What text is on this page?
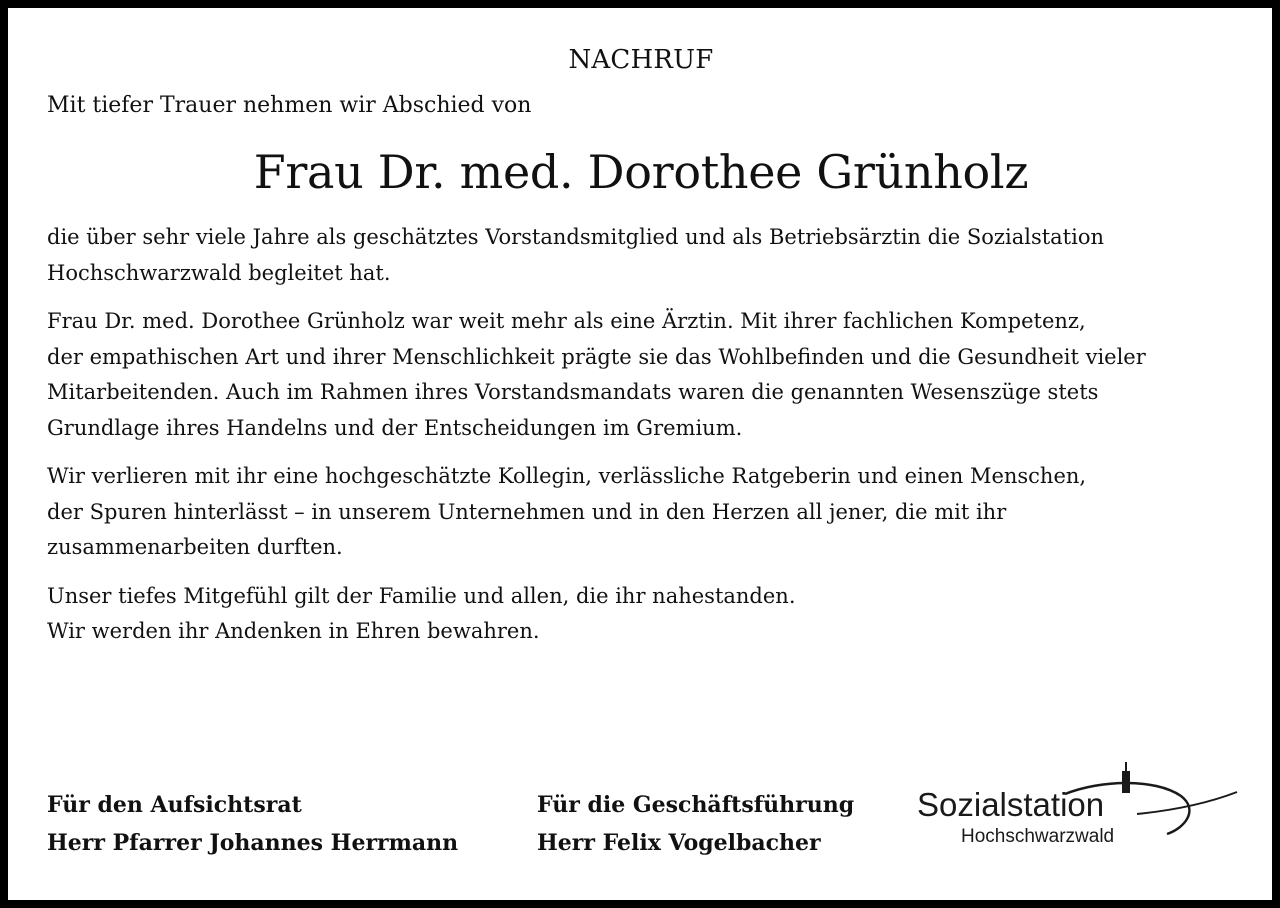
NACHRUF
Mit tiefer Trauer nehmen wir Abschied von
Frau Dr. med. Dorothee Grünholz
die über sehr viele Jahre als geschätztes Vorstandsmitglied und als Betriebsärztin die Sozialstation
Hochschwarzwald begleitet hat.
Frau Dr. med. Dorothee Grünholz war weit mehr als eine Ärztin. Mit ihrer fachlichen Kompetenz,
der empathischen Art und ihrer Menschlichkeit prägte sie das Wohlbefinden und die Gesundheit vieler
Mitarbeitenden. Auch im Rahmen ihres Vorstandsmandats waren die genannten Wesenszüge stets
Grundlage ihres Handelns und der Entscheidungen im Gremium.
Wir verlieren mit ihr eine hochgeschätzte Kollegin, verlässliche Ratgeberin und einen Menschen,
der Spuren hinterlässt – in unserem Unternehmen und in den Herzen all jener, die mit ihr
zusammenarbeiten durften.
Unser tiefes Mitgefühl gilt der Familie und allen, die ihr nahestanden.
Wir werden ihr Andenken in Ehren bewahren.
Für den Aufsichtsrat
Herr Pfarrer Johannes Herrmann
Für die Geschäftsführung
Herr Felix Vogelbacher
Sozialstation
Hochschwarzwald
